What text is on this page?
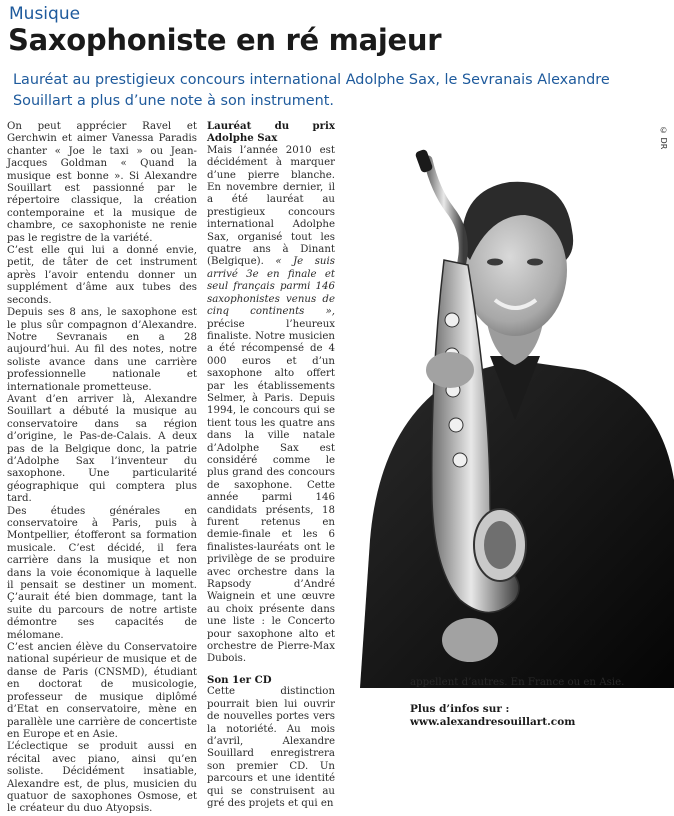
Musique
Saxophoniste en ré majeur
Lauréat au prestigieux concours international Adolphe Sax, le Sevranais Alexandre Souillart a plus d’une note à son instrument.

On peut apprécier Ravel et Gerchwin et aimer Vanessa Paradis chanter « Joe le taxi » ou Jean-Jacques Goldman « Quand la musique est bonne ». Si Alexandre Souillart est passionné par le répertoire classique, la création contemporaine et la musique de chambre, ce saxophoniste ne renie pas le registre de la variété.

C’est elle qui lui a donné envie, petit, de tâter de cet instrument après l’avoir entendu donner un supplément d’âme aux tubes des seconds.

Depuis ses 8 ans, le saxophone est le plus sûr compagnon d’Alexandre. Notre Sevranais en a 28 aujourd’hui. Au fil des notes, notre soliste avance dans une carrière professionnelle nationale et internationale prometteuse.

Avant d’en arriver là, Alexandre Souillart a débuté la musique au conservatoire dans sa région d’origine, le Pas-de-Calais. A deux pas de la Belgique donc, la patrie d’Adolphe Sax l’inventeur du saxophone. Une particularité géographique qui comptera plus tard.

Des études générales en conservatoire à Paris, puis à Montpellier, étofferont sa formation musicale. C’est décidé, il fera carrière dans la musique et non dans la voie économique à laquelle il pensait se destiner un moment. Ç’aurait été bien dommage, tant la suite du parcours de notre artiste démontre ses capacités de mélomane.

C’est ancien élève du Conservatoire national supérieur de musique et de danse de Paris (CNSMD), étudiant en doctorat de musicologie, professeur de musique diplômé d’Etat en conservatoire, mène en parallèle une carrière de concertiste en Europe et en Asie.

L’éclectique se produit aussi en récital avec piano, ainsi qu’en soliste. Décidément insatiable, Alexandre est, de plus, musicien du quatuor de saxophones Osmose, et le créateur du duo Atyopsis.

Lauréat du prix Adolphe Sax

Mais l’année 2010 est décidément à marquer d’une pierre blanche. En novembre dernier, il a été lauréat au prestigieux concours international Adolphe Sax, organisé tout les quatre ans à Dinant (Belgique). « Je suis arrivé 3e en finale et seul français parmi 146 saxophonistes venus de cinq continents », précise l’heureux finaliste. Notre musicien a été récompensé de 4 000 euros et d’un saxophone alto offert par les établissements Selmer, à Paris. Depuis 1994, le concours qui se tient tous les quatre ans dans la ville natale d’Adolphe Sax est considéré comme le plus grand des concours de saxophone. Cette année parmi 146 candidats présents, 18 furent retenus en demie-finale et les 6 finalistes-lauréats ont le privilège de se produire avec orchestre dans la Rapsody d’André Waignein et une œuvre au choix présente dans une liste : le Concerto pour saxophone alto et orchestre de Pierre-Max Dubois.

Son 1er CD

Cette distinction pourrait bien lui ouvrir de nouvelles portes vers la notoriété. Au mois d’avril, Alexandre Souillard enregistrera son premier CD. Un parcours et une identité qui se construisent au gré des projets et qui en

© DR
appellent d’autres. En France ou en Asie.
Plus d’infos sur :
www.alexandresouillart.com
